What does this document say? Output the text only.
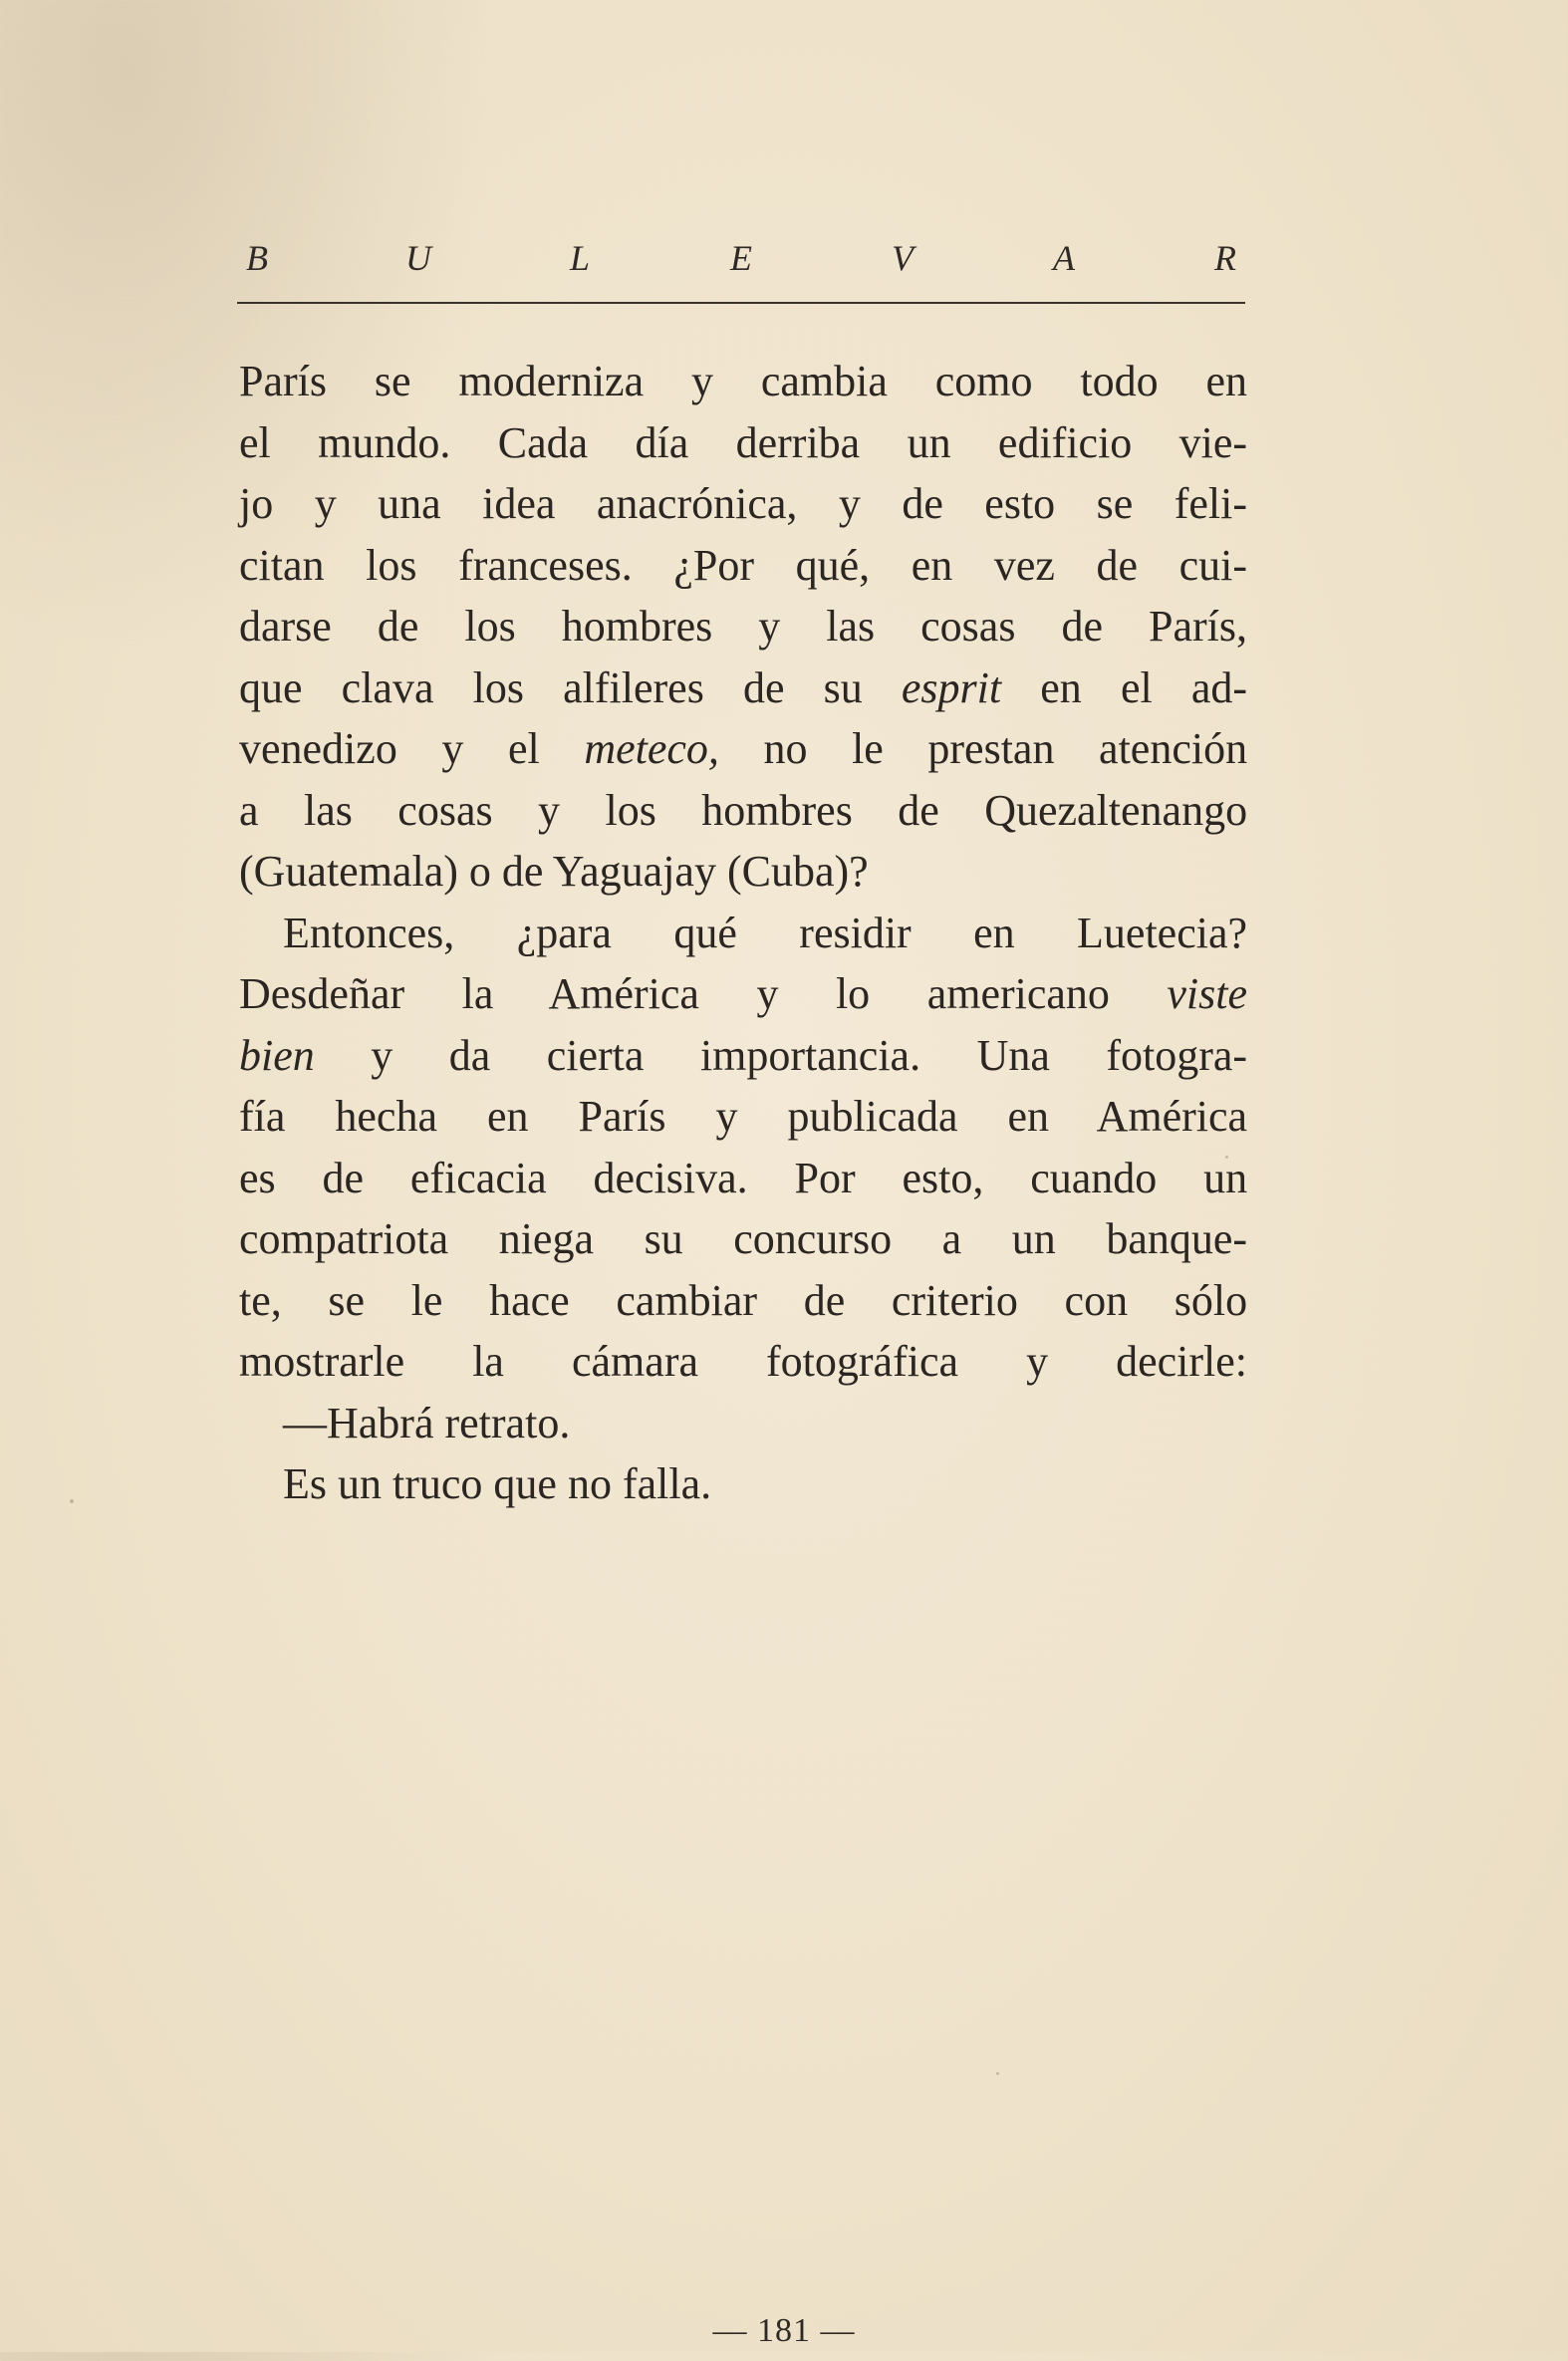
B	U	L	E	V	A	R
París se moderniza y cambia como todo en
el mundo. Cada día derriba un edificio vie-
jo y una idea anacrónica, y de esto se feli-
citan los franceses. ¿Por qué, en vez de cui-
darse de los hombres y las cosas de París,
que clava los alfileres de su esprit en el ad-
venedizo y el meteco, no le prestan atención
a las cosas y los hombres de Quezaltenango
(Guatemala) o de Yaguajay (Cuba)?
Entonces, ¿para qué residir en Luetecia?
Desdeñar la América y lo americano viste
bien y da cierta importancia. Una fotogra-
fía hecha en París y publicada en América
es de eficacia decisiva. Por esto, cuando un
compatriota niega su concurso a un banque-
te, se le hace cambiar de criterio con sólo
mostrarle la cámara fotográfica y decirle:
—Habrá retrato.
Es un truco que no falla.
— 181 —
